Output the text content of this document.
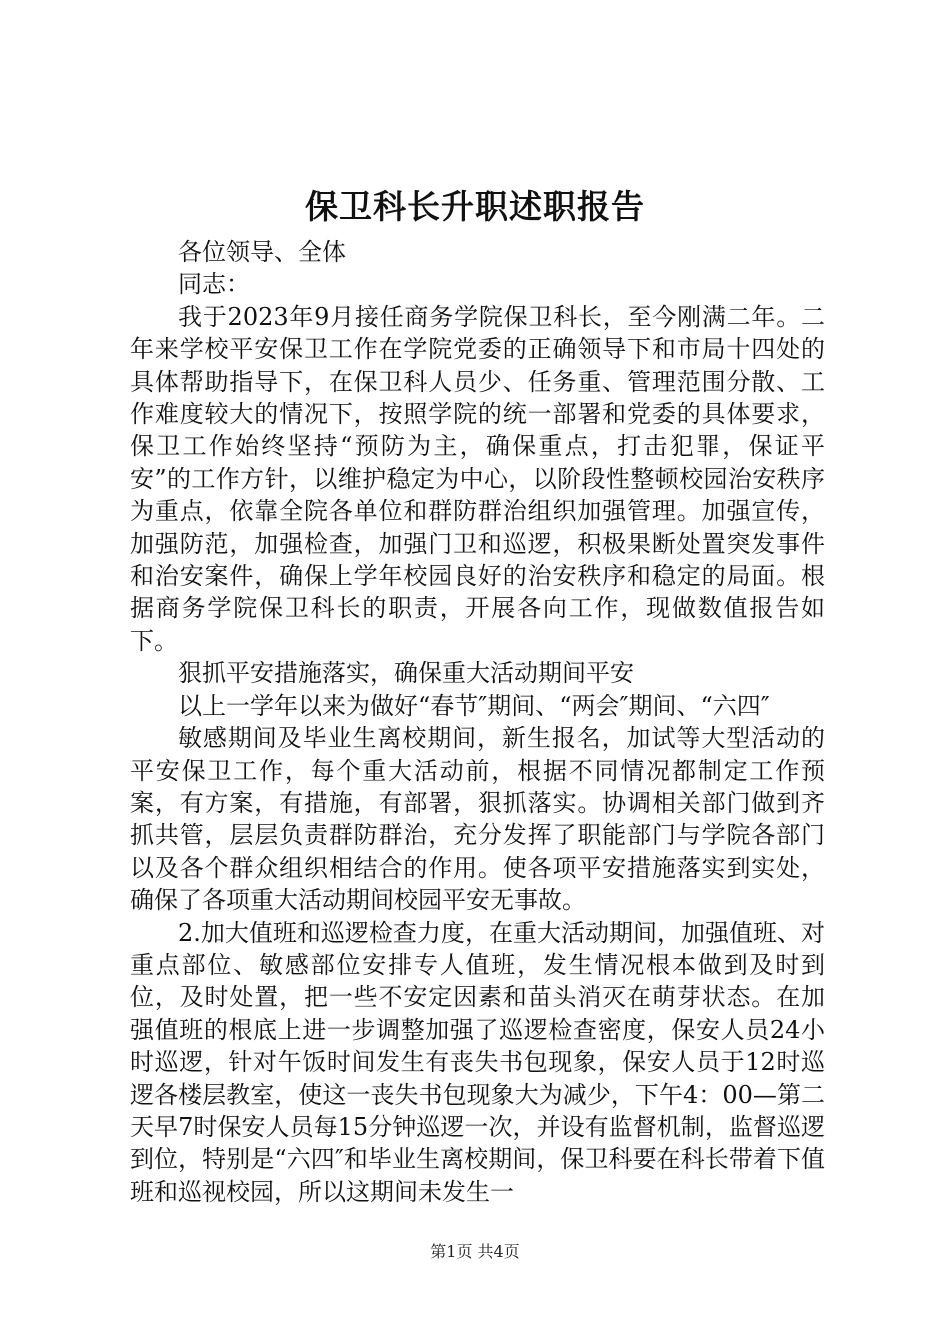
保卫科长升职述职报告

各位领导、全体

同志：

我于2023年9月接任商务学院保卫科长，至今刚满二年。二年来学校平安保卫工作在学院党委的正确领导下和市局十四处的具体帮助指导下，在保卫科人员少、任务重、管理范围分散、工作难度较大的情况下，按照学院的统一部署和党委的具体要求，保卫工作始终坚持“预防为主，确保重点，打击犯罪，保证平安”的工作方针，以维护稳定为中心，以阶段性整顿校园治安秩序为重点，依靠全院各单位和群防群治组织加强管理。加强宣传，加强防范，加强检查，加强门卫和巡逻，积极果断处置突发事件和治安案件，确保上学年校园良好的治安秩序和稳定的局面。根据商务学院保卫科长的职责，开展各向工作，现做数值报告如下。

狠抓平安措施落实，确保重大活动期间平安

以上一学年以来为做好“春节″期间、“两会″期间、“六四″

敏感期间及毕业生离校期间，新生报名，加试等大型活动的平安保卫工作，每个重大活动前，根据不同情况都制定工作预案，有方案，有措施，有部署，狠抓落实。协调相关部门做到齐抓共管，层层负责群防群治，充分发挥了职能部门与学院各部门以及各个群众组织相结合的作用。使各项平安措施落实到实处，确保了各项重大活动期间校园平安无事故。

2.加大值班和巡逻检查力度，在重大活动期间，加强值班、对重点部位、敏感部位安排专人值班，发生情况根本做到及时到位，及时处置，把一些不安定因素和苗头消灭在萌芽状态。在加强值班的根底上进一步调整加强了巡逻检查密度，保安人员24小时巡逻，针对午饭时间发生有丧失书包现象，保安人员于12时巡逻各楼层教室，使这一丧失书包现象大为减少，下午4：00—第二天早7时保安人员每15分钟巡逻一次，并设有监督机制，监督巡逻到位，特别是“六四″和毕业生离校期间，保卫科要在科长带着下值班和巡视校园，所以这期间未发生一

第1页 共4页
